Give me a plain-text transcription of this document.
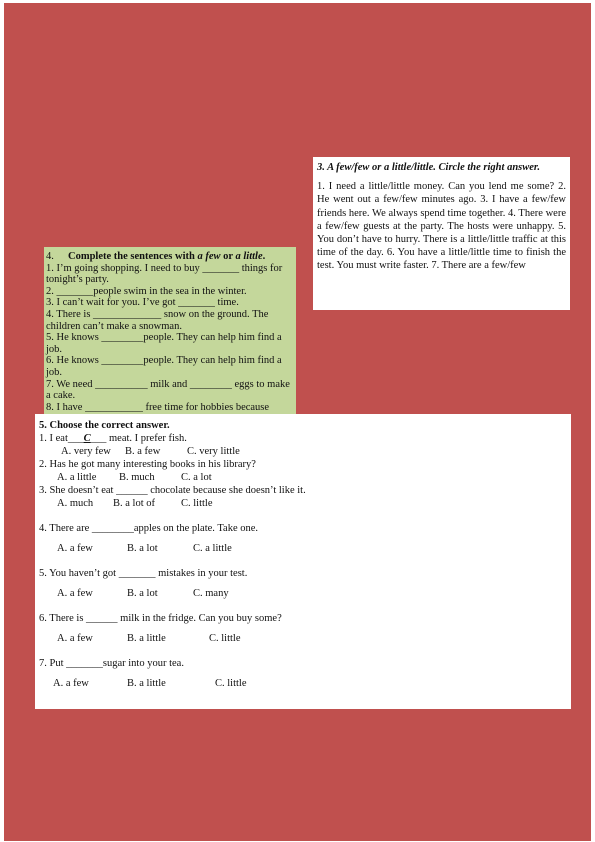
3. A few/few or a little/little. Circle the right answer.
1. I need a little/little money. Can you lend me some? 2. He went out a few/few minutes ago. 3. I have a few/few friends here. We always spend time together. 4. There were a few/few guests at the party. The hosts were unhappy. 5. You don’t have to hurry. There is a little/little traffic at this time of the day. 6. You have a little/little time to finish the test. You must write faster. 7. There are a few/few
4. Complete the sentences with a few or a little.
1. I’m going shopping. I need to buy _______ things for tonight’s party.
2. _______people swim in the sea in the winter.
3. I can’t wait for you. I’ve got _______ time.
4. There is _____________ snow on the ground. The children can’t make a snowman.
5. He knows ________people. They can help him find a job.
6. He knows ________people. They can help him find a job.
7. We need __________ milk and ________ eggs to make a cake.
8. I have ___________ free time for hobbies because
5. Choose the correct answer.
1. I eat___C___ meat. I prefer fish.
A. very few	B. a few	C. very little
2. Has he got many interesting books in his library?
A. a little	B. much	C. a lot
3. She doesn’t eat ______ chocolate because she doesn’t like it.
A. much	B. a lot of	C. little
4. There are ________apples on the plate. Take one.
A. a few	B. a lot	C. a little
5. You haven’t got _______ mistakes in your test.
A. a few	B. a lot	C. many
6. There is ______ milk in the fridge. Can you buy some?
A. a few	B. a little	C. little
7. Put _______sugar into your tea.
A. a few	B. a little	C. little
